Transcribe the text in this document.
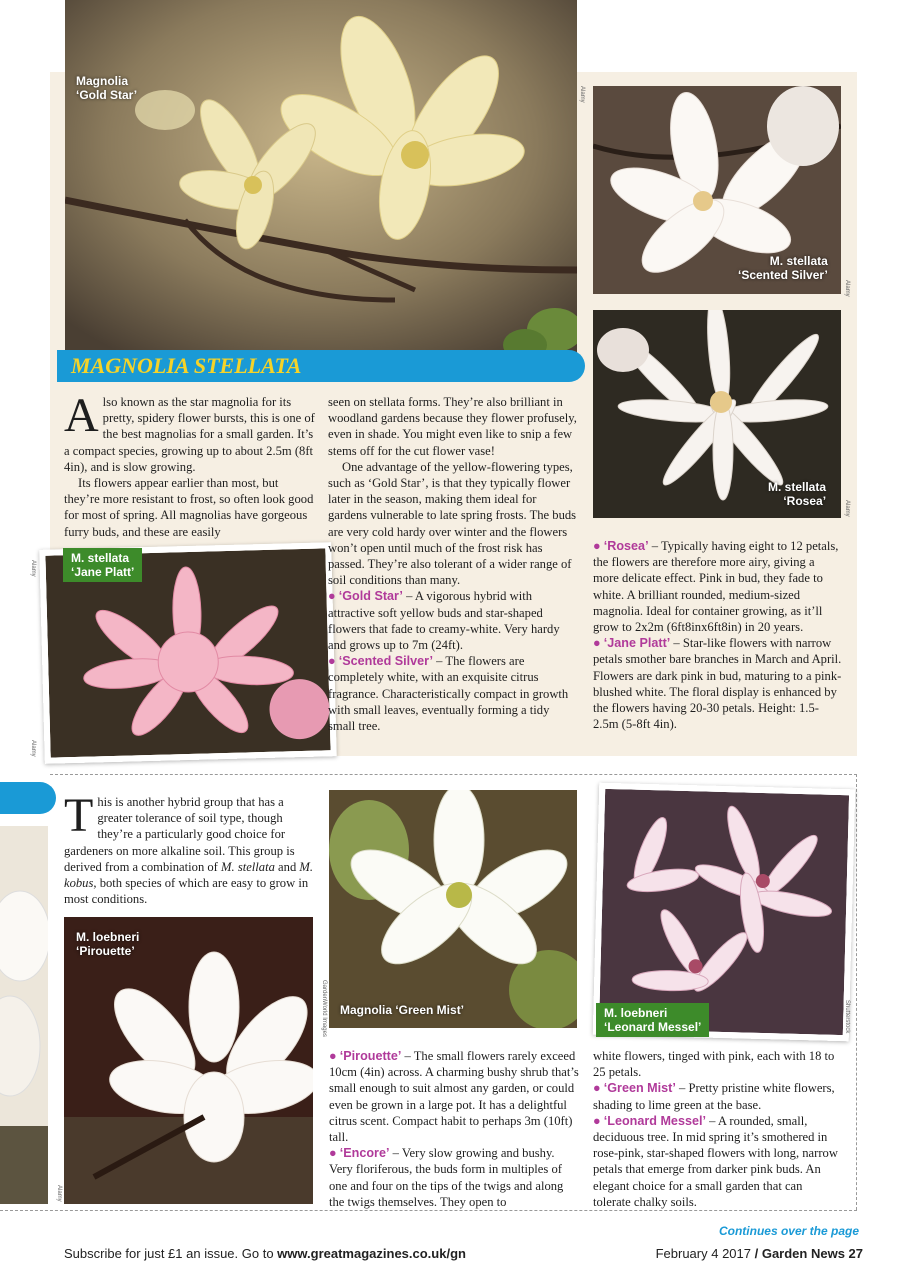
Magnolia
‘Gold Star’
MAGNOLIA STELLATA
M. stellata
‘Scented Silver’
M. stellata
‘Rosea’
A lso known as the star magnolia for its pretty, spidery flower bursts, this is one of the best magnolias for a small garden. It’s a compact species, growing up to about 2.5m (8ft 4in), and is slow growing.

Its flowers appear earlier than most, but they’re more resistant to frost, so often look good for most of spring. All magnolias have gorgeous furry buds, and these are easily

M. stellata
‘Jane Platt’

seen on stellata forms. They’re also brilliant in woodland gardens because they flower profusely, even in shade. You might even like to snip a few stems off for the cut flower vase!

One advantage of the yellow-flowering types, such as ‘Gold Star’, is that they typically flower later in the season, making them ideal for gardens vulnerable to late spring frosts. The buds are very cold hardy over winter and the flowers won’t open until much of the frost risk has passed. They’re also tolerant of a wider range of soil conditions than many.

● ‘Gold Star’ – A vigorous hybrid with attractive soft yellow buds and star-shaped flowers that fade to creamy-white. Very hardy and grows up to 7m (24ft).

● ‘Scented Silver’ – The flowers are completely white, with an exquisite citrus fragrance. Characteristically compact in growth with small leaves, eventually forming a tidy small tree.

● ‘Rosea’ – Typically having eight to 12 petals, the flowers are therefore more airy, giving a more delicate effect. Pink in bud, they fade to white. A brilliant rounded, medium-sized magnolia. Ideal for container growing, as it’ll grow to 2x2m (6ft8inx6ft8in) in 20 years.

● ‘Jane Platt’ – Star-like flowers with narrow petals smother bare branches in March and April. Flowers are dark pink in bud, maturing to a pink-blushed white. The floral display is enhanced by the flowers having 20-30 petals. Height: 1.5-2.5m (5-8ft 4in).

T his is another hybrid group that has a greater tolerance of soil type, though they’re a particularly good choice for gardeners on more alkaline soil. This group is derived from a combination of M. stellata and M. kobus, both species of which are easy to grow in most conditions.
M. loebneri
‘Pirouette’
Magnolia ‘Green Mist’	M. loebneri
‘Leonard Messel’

● ‘Pirouette’ – The small flowers rarely exceed 10cm (4in) across. A charming bushy shrub that’s small enough to suit almost any garden, or could even be grown in a large pot. It has a delightful citrus scent. Compact habit to perhaps 3m (10ft) tall.

● ‘Encore’ – Very slow growing and bushy. Very floriferous, the buds form in multiples of one and four on the tips of the twigs and along the twigs themselves. They open to

white flowers, tinged with pink, each with 18 to 25 petals.

● ‘Green Mist’ – Pretty pristine white flowers, shading to lime green at the base.

● ‘Leonard Messel’ – A rounded, small, deciduous tree. In mid spring it’s smothered in rose-pink, star-shaped flowers with long, narrow petals that emerge from darker pink buds. An elegant choice for a small garden that can tolerate chalky soils.

Alamy
Alamy
Alamy
Alamy
Alamy
Alamy
GardenWorld Images	Shutterstock
Continues over the page
Subscribe for just £1 an issue. Go to www.greatmagazines.co.uk/gn	February 4 2017 / Garden News 27
